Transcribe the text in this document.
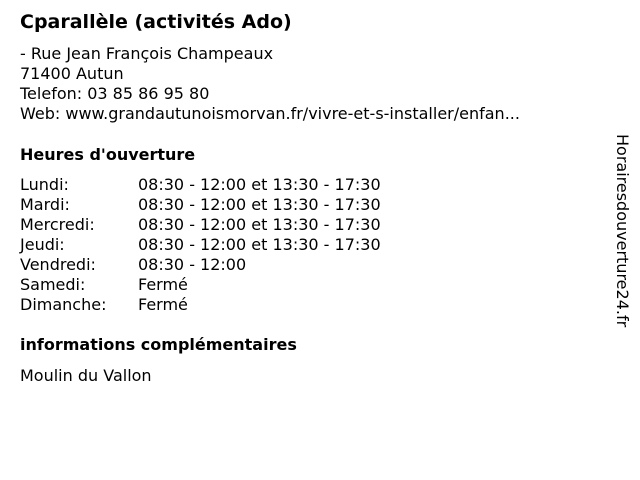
Cparallèle (activités Ado)
- Rue Jean François Champeaux
71400 Autun
Telefon: 03 85 86 95 80
Web: www.grandautunoismorvan.fr/vivre-et-s-installer/enfan...
Heures d'ouverture
Lundi:	08:30 - 12:00 et 13:30 - 17:30
Mardi:	08:30 - 12:00 et 13:30 - 17:30
Mercredi:	08:30 - 12:00 et 13:30 - 17:30
Jeudi:	08:30 - 12:00 et 13:30 - 17:30
Vendredi:	08:30 - 12:00
Samedi:	Fermé
Dimanche: Fermé
informations complémentaires
Moulin du Vallon
Horairesdouverture24.fr
